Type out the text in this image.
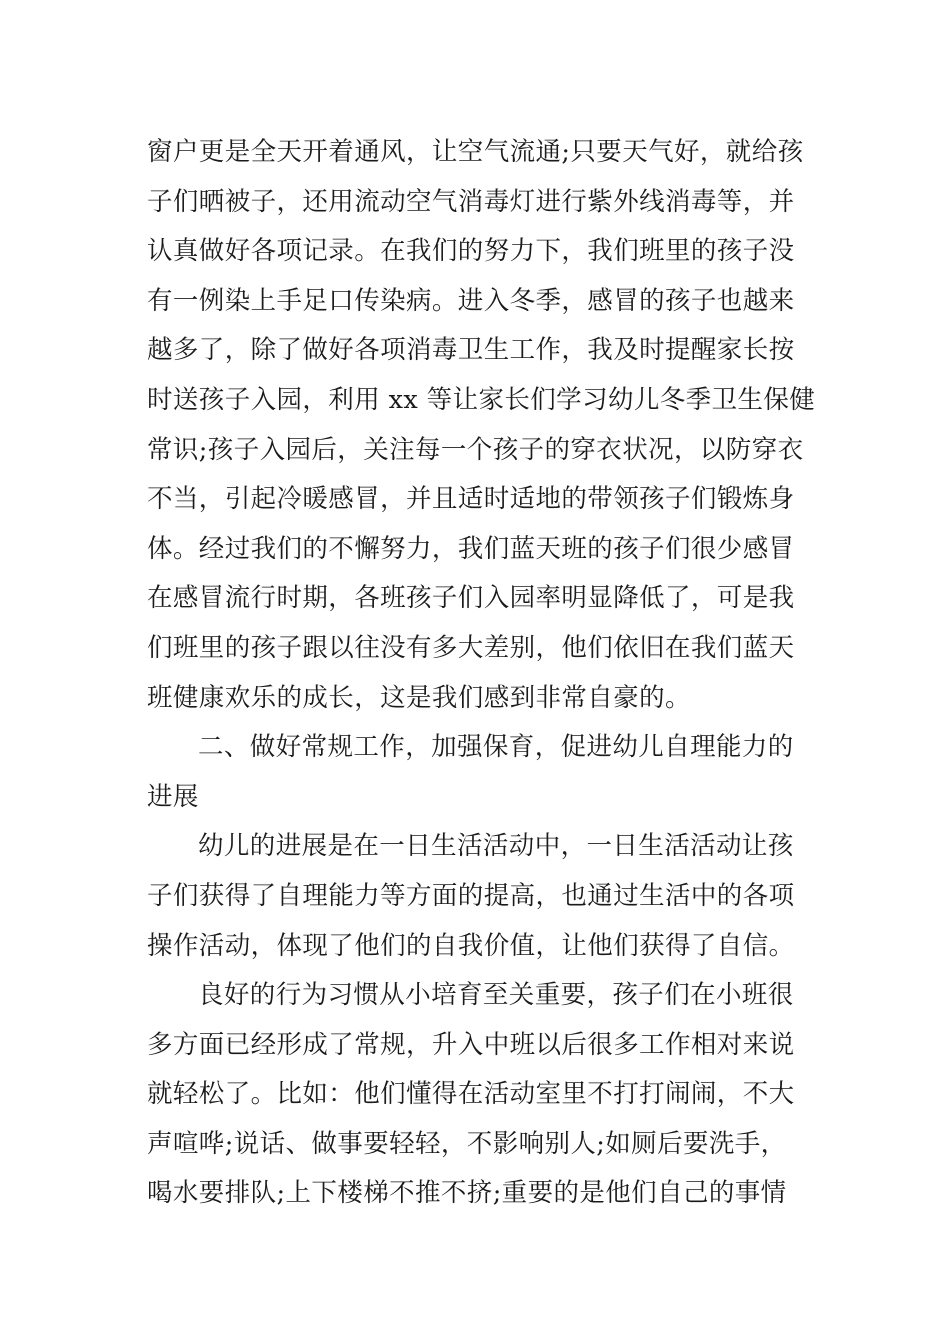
窗户更是全天开着通风，让空气流通;只要天气好，就给孩
子们晒被子，还用流动空气消毒灯进行紫外线消毒等，并
认真做好各项记录。在我们的努力下，我们班里的孩子没
有一例染上手足口传染病。进入冬季，感冒的孩子也越来
越多了，除了做好各项消毒卫生工作，我及时提醒家长按
时送孩子入园，利用 xx 等让家长们学习幼儿冬季卫生保健
常识;孩子入园后，关注每一个孩子的穿衣状况，以防穿衣
不当，引起冷暖感冒，并且适时适地的带领孩子们锻炼身
体。经过我们的不懈努力，我们蓝天班的孩子们很少感冒
在感冒流行时期，各班孩子们入园率明显降低了，可是我
们班里的孩子跟以往没有多大差别，他们依旧在我们蓝天
班健康欢乐的成长，这是我们感到非常自豪的。
二、做好常规工作，加强保育，促进幼儿自理能力的
进展
幼儿的进展是在一日生活活动中，一日生活活动让孩
子们获得了自理能力等方面的提高，也通过生活中的各项
操作活动，体现了他们的自我价值，让他们获得了自信。
良好的行为习惯从小培育至关重要，孩子们在小班很
多方面已经形成了常规，升入中班以后很多工作相对来说
就轻松了。比如：他们懂得在活动室里不打打闹闹，不大
声喧哗;说话、做事要轻轻，不影响别人;如厕后要洗手，
喝水要排队;上下楼梯不推不挤;重要的是他们自己的事情
